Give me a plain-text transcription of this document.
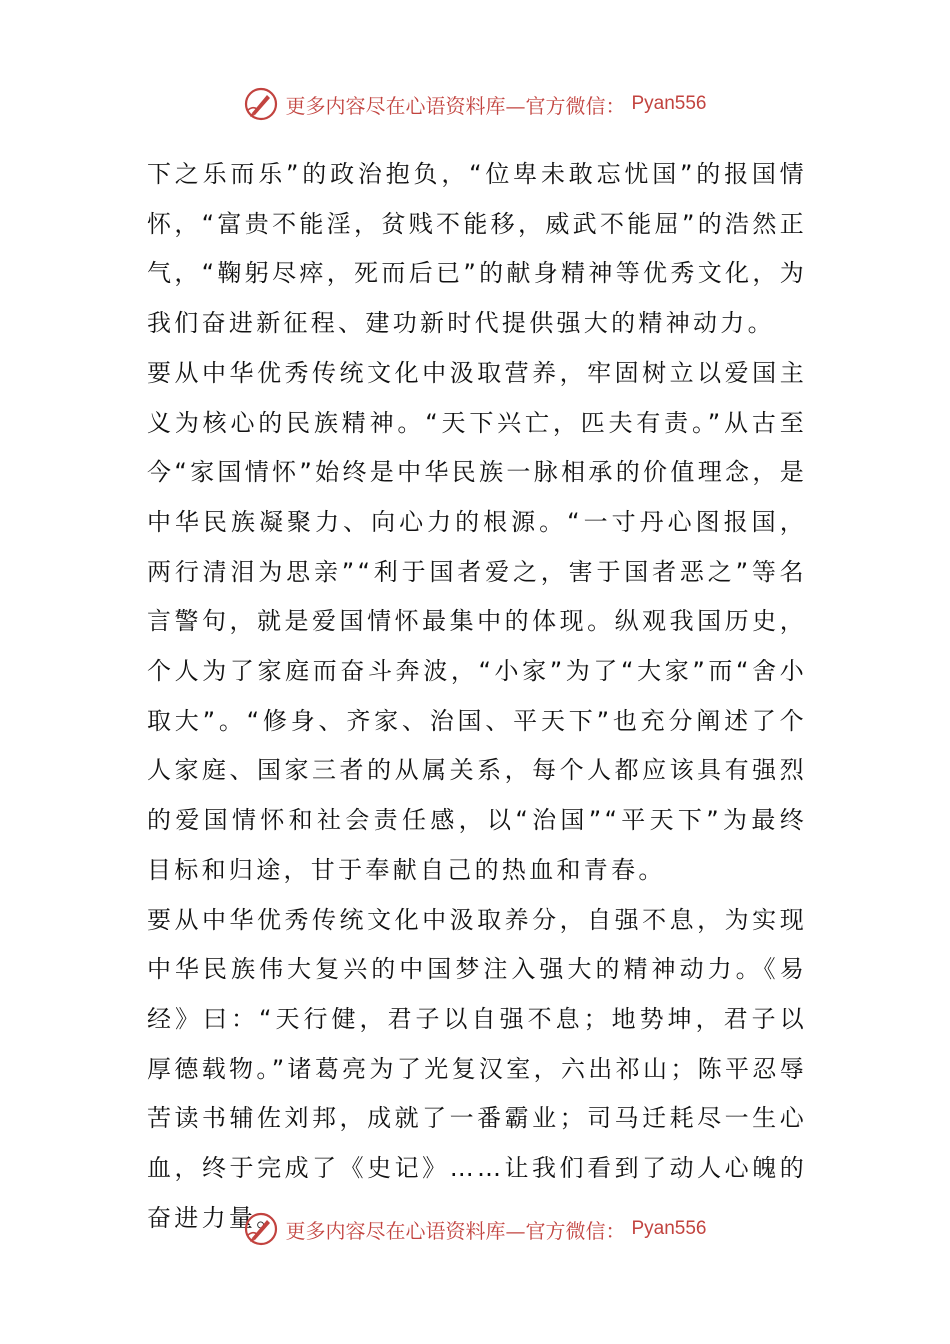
更多内容尽在心语资料库—官方微信： Pyan556

下之乐而乐”的政治抱负，“位卑未敢忘忧国”的报国情怀，“富贵不能淫，贫贱不能移，威武不能屈”的浩然正气，“鞠躬尽瘁，死而后已”的献身精神等优秀文化，为我们奋进新征程、建功新时代提供强大的精神动力。

要从中华优秀传统文化中汲取营养，牢固树立以爱国主义为核心的民族精神。“天下兴亡，匹夫有责。”从古至今“家国情怀”始终是中华民族一脉相承的价值理念，是中华民族凝聚力、向心力的根源。“一寸丹心图报国，两行清泪为思亲”“利于国者爱之，害于国者恶之”等名言警句，就是爱国情怀最集中的体现。纵观我国历史，个人为了家庭而奋斗奔波，“小家”为了“大家”而“舍小取大”。“修身、齐家、治国、平天下”也充分阐述了个人家庭、国家三者的从属关系，每个人都应该具有强烈的爱国情怀和社会责任感，以“治国”“平天下”为最终目标和归途，甘于奉献自己的热血和青春。

要从中华优秀传统文化中汲取养分，自强不息，为实现中华民族伟大复兴的中国梦注入强大的精神动力。《易经》曰：“天行健，君子以自强不息；地势坤，君子以厚德载物。”诸葛亮为了光复汉室，六出祁山；陈平忍辱苦读书辅佐刘邦，成就了一番霸业；司马迁耗尽一生心血，终于完成了《史记》……让我们看到了动人心魄的奋进力量。 更多内容尽在心语资料库—官方微信： Pyan556
